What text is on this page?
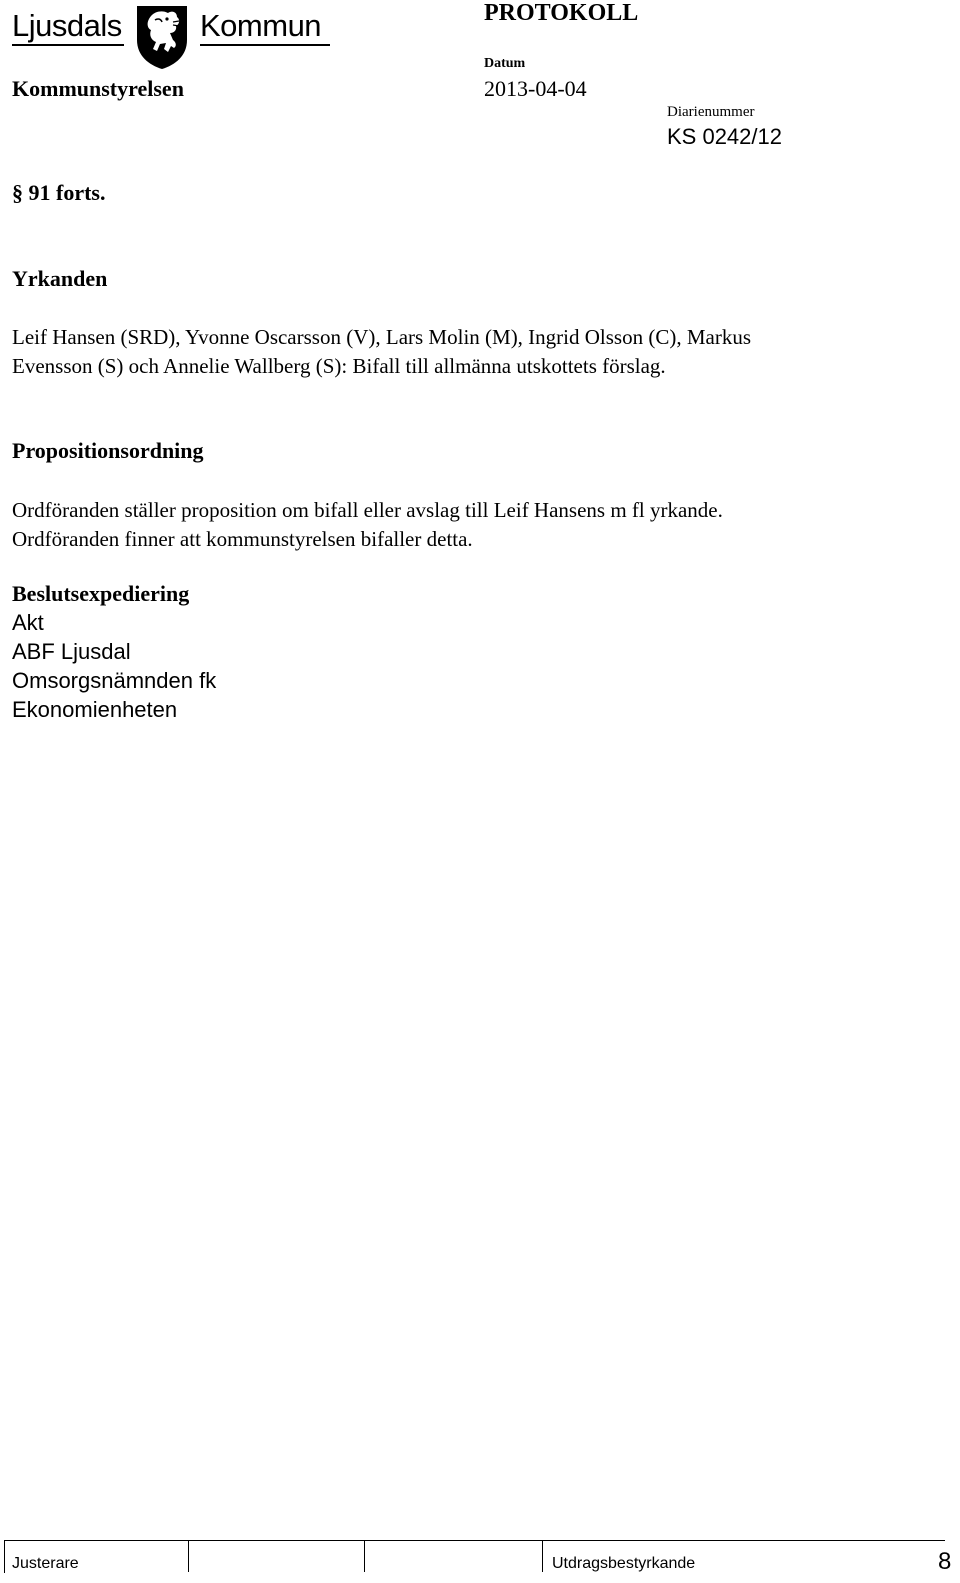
Ljusdals	Kommun	PROTOKOLL
Datum
Kommunstyrelsen	2013-04-04
Diarienummer
KS 0242/12
§ 91 forts.
Yrkanden
Leif Hansen (SRD), Yvonne Oscarsson (V), Lars Molin (M), Ingrid Olsson (C), Markus Evensson (S) och Annelie Wallberg (S): Bifall till allmänna utskottets förslag.
Propositionsordning
Ordföranden ställer proposition om bifall eller avslag till Leif Hansens m fl yrkande. Ordföranden finner att kommunstyrelsen bifaller detta.
Beslutsexpediering
Akt
ABF Ljusdal
Omsorgsnämnden fk
Ekonomienheten
Justerare	Utdragsbestyrkande	8
